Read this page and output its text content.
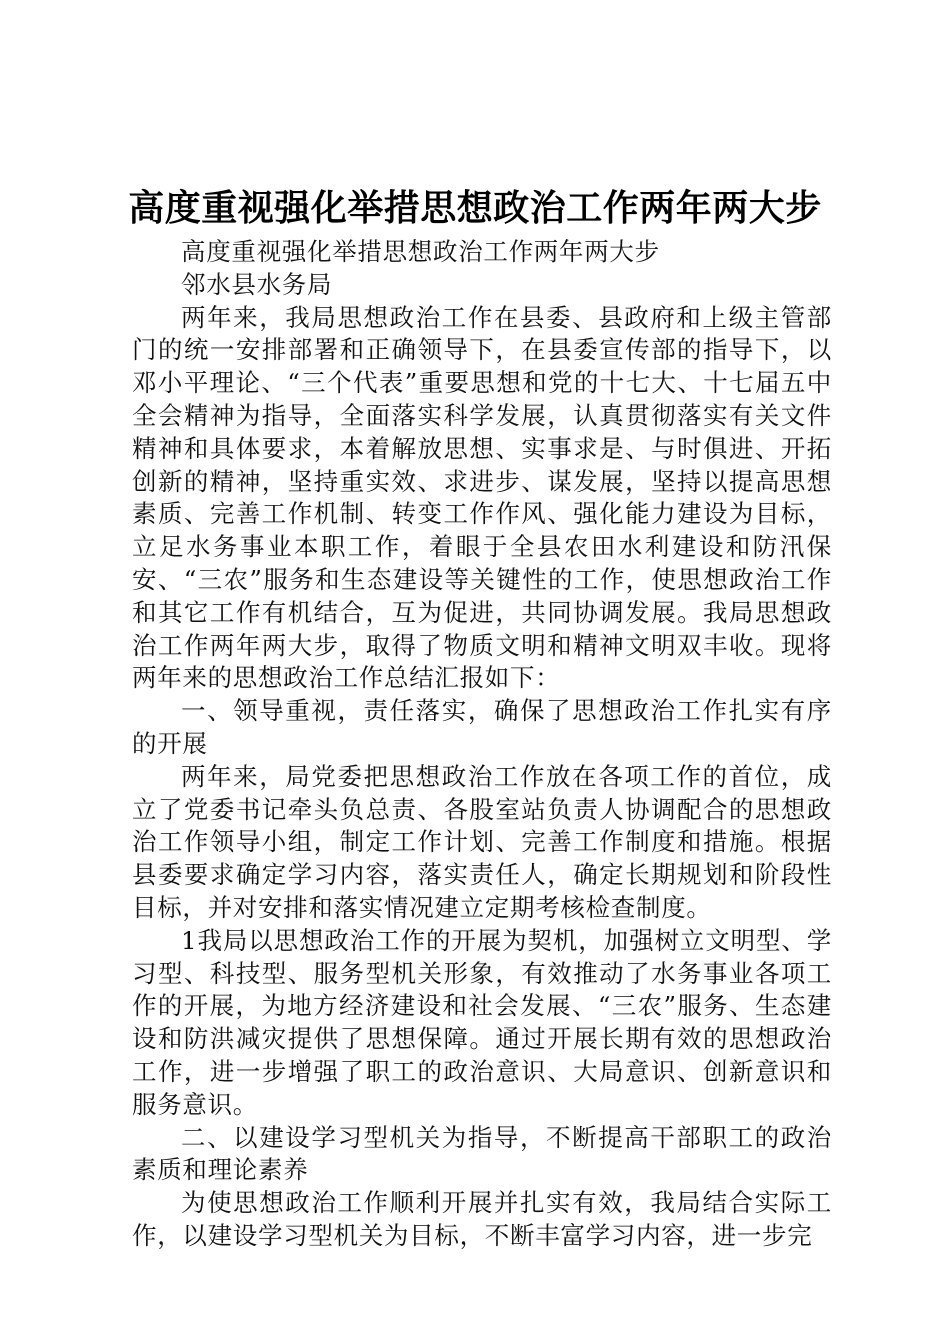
高度重视强化举措思想政治工作两年两大步

高度重视强化举措思想政治工作两年两大步

邻水县水务局

两年来，我局思想政治工作在县委、县政府和上级主管部门的统一安排部署和正确领导下，在县委宣传部的指导下，以邓小平理论、“三个代表”重要思想和党的十七大、十七届五中全会精神为指导，全面落实科学发展，认真贯彻落实有关文件精神和具体要求，本着解放思想、实事求是、与时俱进、开拓创新的精神，坚持重实效、求进步、谋发展，坚持以提高思想素质、完善工作机制、转变工作作风、强化能力建设为目标，立足水务事业本职工作，着眼于全县农田水利建设和防汛保安、“三农”服务和生态建设等关键性的工作，使思想政治工作和其它工作有机结合，互为促进，共同协调发展。我局思想政治工作两年两大步，取得了物质文明和精神文明双丰收。现将两年来的思想政治工作总结汇报如下：

一、领导重视，责任落实，确保了思想政治工作扎实有序的开展

两年来，局党委把思想政治工作放在各项工作的首位，成立了党委书记牵头负总责、各股室站负责人协调配合的思想政治工作领导小组，制定工作计划、完善工作制度和措施。根据县委要求确定学习内容，落实责任人，确定长期规划和阶段性目标，并对安排和落实情况建立定期考核检查制度。

1我局以思想政治工作的开展为契机，加强树立文明型、学习型、科技型、服务型机关形象，有效推动了水务事业各项工作的开展，为地方经济建设和社会发展、“三农”服务、生态建设和防洪减灾提供了思想保障。通过开展长期有效的思想政治工作，进一步增强了职工的政治意识、大局意识、创新意识和服务意识。

二、以建设学习型机关为指导，不断提高干部职工的政治素质和理论素养

为使思想政治工作顺利开展并扎实有效，我局结合实际工作，以建设学习型机关为目标，不断丰富学习内容，进一步完
